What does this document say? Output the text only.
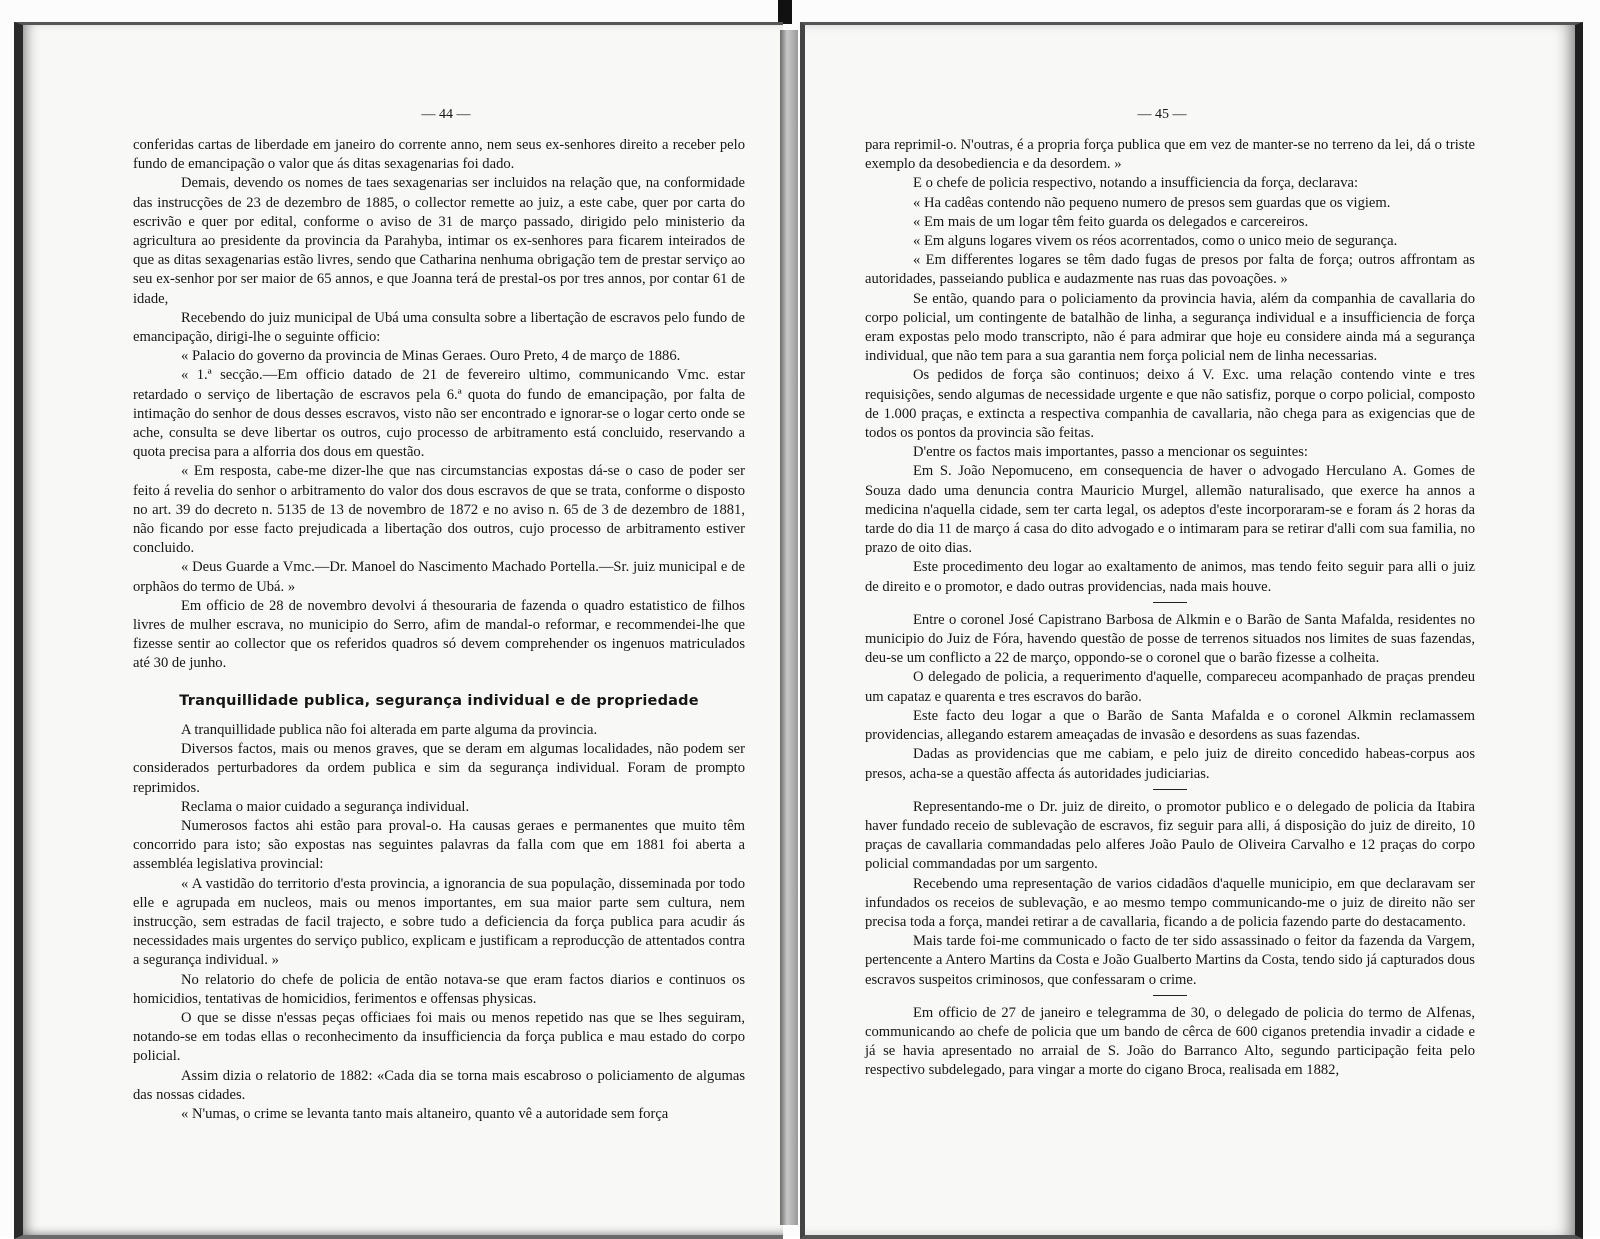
— 44 —

conferidas cartas de liberdade em janeiro do corrente anno, nem seus ex-senhores direito a receber pelo fundo de emancipação o valor que ás ditas sexagenarias foi dado.

Demais, devendo os nomes de taes sexagenarias ser incluidos na relação que, na conformidade das instrucções de 23 de dezembro de 1885, o collector remette ao juiz, a este cabe, quer por carta do escrivão e quer por edital, conforme o aviso de 31 de março passado, dirigido pelo ministerio da agricultura ao presidente da provincia da Parahyba, intimar os ex-senhores para ficarem inteirados de que as ditas sexagenarias estão livres, sendo que Catharina nenhuma obrigação tem de prestar serviço ao seu ex-senhor por ser maior de 65 annos, e que Joanna terá de prestal-os por tres annos, por contar 61 de idade,

Recebendo do juiz municipal de Ubá uma consulta sobre a libertação de escravos pelo fundo de emancipação, dirigi-lhe o seguinte officio:

« Palacio do governo da provincia de Minas Geraes. Ouro Preto, 4 de março de 1886.

« 1.ª secção.—Em officio datado de 21 de fevereiro ultimo, communicando Vmc. estar retardado o serviço de libertação de escravos pela 6.ª quota do fundo de emancipação, por falta de intimação do senhor de dous desses escravos, visto não ser encontrado e ignorar-se o logar certo onde se ache, consulta se deve libertar os outros, cujo processo de arbitramento está concluido, reservando a quota precisa para a alforria dos dous em questão.

« Em resposta, cabe-me dizer-lhe que nas circumstancias expostas dá-se o caso de poder ser feito á revelia do senhor o arbitramento do valor dos dous escravos de que se trata, conforme o disposto no art. 39 do decreto n. 5135 de 13 de novembro de 1872 e no aviso n. 65 de 3 de dezembro de 1881, não ficando por esse facto prejudicada a libertação dos outros, cujo processo de arbitramento estiver concluido.

« Deus Guarde a Vmc.—Dr. Manoel do Nascimento Machado Portella.—Sr. juiz municipal e de orphãos do termo de Ubá. »

Em officio de 28 de novembro devolvi á thesouraria de fazenda o quadro estatistico de filhos livres de mulher escrava, no municipio do Serro, afim de mandal-o reformar, e recommendei-lhe que fizesse sentir ao collector que os referidos quadros só devem comprehender os ingenuos matriculados até 30 de junho.

Tranquillidade publica, segurança individual e de propriedade

A tranquillidade publica não foi alterada em parte alguma da provincia.

Diversos factos, mais ou menos graves, que se deram em algumas localidades, não podem ser considerados perturbadores da ordem publica e sim da segurança individual. Foram de prompto reprimidos.

Reclama o maior cuidado a segurança individual.

Numerosos factos ahi estão para proval-o. Ha causas geraes e permanentes que muito têm concorrido para isto; são expostas nas seguintes palavras da falla com que em 1881 foi aberta a assembléa legislativa provincial:

« A vastidão do territorio d'esta provincia, a ignorancia de sua população, disseminada por todo elle e agrupada em nucleos, mais ou menos importantes, em sua maior parte sem cultura, nem instrucção, sem estradas de facil trajecto, e sobre tudo a deficiencia da força publica para acudir ás necessidades mais urgentes do serviço publico, explicam e justificam a reproducção de attentados contra a segurança individual. »

No relatorio do chefe de policia de então notava-se que eram factos diarios e continuos os homicidios, tentativas de homicidios, ferimentos e offensas physicas.

O que se disse n'essas peças officiaes foi mais ou menos repetido nas que se lhes seguiram, notando-se em todas ellas o reconhecimento da insufficiencia da força publica e mau estado do corpo policial.

Assim dizia o relatorio de 1882: «Cada dia se torna mais escabroso o policiamento de algumas das nossas cidades.

« N'umas, o crime se levanta tanto mais altaneiro, quanto vê a autoridade sem força

— 45 —

para reprimil-o. N'outras, é a propria força publica que em vez de manter-se no terreno da lei, dá o triste exemplo da desobediencia e da desordem. »

E o chefe de policia respectivo, notando a insufficiencia da força, declarava:

« Ha cadêas contendo não pequeno numero de presos sem guardas que os vigiem.

« Em mais de um logar têm feito guarda os delegados e carcereiros.

« Em alguns logares vivem os réos acorrentados, como o unico meio de segurança.

« Em differentes logares se têm dado fugas de presos por falta de força; outros affrontam as autoridades, passeiando publica e audazmente nas ruas das povoações. »

Se então, quando para o policiamento da provincia havia, além da companhia de cavallaria do corpo policial, um contingente de batalhão de linha, a segurança individual e a insufficiencia de força eram expostas pelo modo transcripto, não é para admirar que hoje eu considere ainda má a segurança individual, que não tem para a sua garantia nem força policial nem de linha necessarias.

Os pedidos de força são continuos; deixo á V. Exc. uma relação contendo vinte e tres requisições, sendo algumas de necessidade urgente e que não satisfiz, porque o corpo policial, composto de 1.000 praças, e extincta a respectiva companhia de cavallaria, não chega para as exigencias que de todos os pontos da provincia são feitas.

D'entre os factos mais importantes, passo a mencionar os seguintes:

Em S. João Nepomuceno, em consequencia de haver o advogado Herculano A. Gomes de Souza dado uma denuncia contra Mauricio Murgel, allemão naturalisado, que exerce ha annos a medicina n'aquella cidade, sem ter carta legal, os adeptos d'este incorporaram-se e foram ás 2 horas da tarde do dia 11 de março á casa do dito advogado e o intimaram para se retirar d'alli com sua familia, no prazo de oito dias.

Este procedimento deu logar ao exaltamento de animos, mas tendo feito seguir para alli o juiz de direito e o promotor, e dado outras providencias, nada mais houve.

Entre o coronel José Capistrano Barbosa de Alkmin e o Barão de Santa Mafalda, residentes no municipio do Juiz de Fóra, havendo questão de posse de terrenos situados nos limites de suas fazendas, deu-se um conflicto a 22 de março, oppondo-se o coronel que o barão fizesse a colheita.

O delegado de policia, a requerimento d'aquelle, compareceu acompanhado de praças prendeu um capataz e quarenta e tres escravos do barão.

Este facto deu logar a que o Barão de Santa Mafalda e o coronel Alkmin reclamassem providencias, allegando estarem ameaçadas de invasão e desordens as suas fazendas.

Dadas as providencias que me cabiam, e pelo juiz de direito concedido habeas-corpus aos presos, acha-se a questão affecta ás autoridades judiciarias.

Representando-me o Dr. juiz de direito, o promotor publico e o delegado de policia da Itabira haver fundado receio de sublevação de escravos, fiz seguir para alli, á disposição do juiz de direito, 10 praças de cavallaria commandadas pelo alferes João Paulo de Oliveira Carvalho e 12 praças do corpo policial commandadas por um sargento.

Recebendo uma representação de varios cidadãos d'aquelle municipio, em que declaravam ser infundados os receios de sublevação, e ao mesmo tempo communicando-me o juiz de direito não ser precisa toda a força, mandei retirar a de cavallaria, ficando a de policia fazendo parte do destacamento.

Mais tarde foi-me communicado o facto de ter sido assassinado o feitor da fazenda da Vargem, pertencente a Antero Martins da Costa e João Gualberto Martins da Costa, tendo sido já capturados dous escravos suspeitos criminosos, que confessaram o crime.

Em officio de 27 de janeiro e telegramma de 30, o delegado de policia do termo de Alfenas, communicando ao chefe de policia que um bando de cêrca de 600 ciganos pretendia invadir a cidade e já se havia apresentado no arraial de S. João do Barranco Alto, segundo participação feita pelo respectivo subdelegado, para vingar a morte do cigano Broca, realisada em 1882,
